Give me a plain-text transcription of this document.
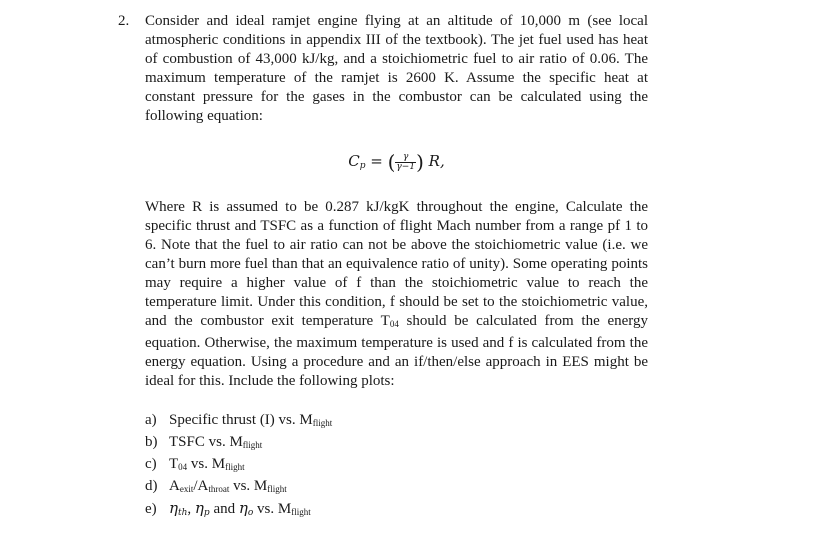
2. Consider and ideal ramjet engine flying at an altitude of 10,000 m (see local atmospheric conditions in appendix III of the textbook). The jet fuel used has heat of combustion of 43,000 kJ/kg, and a stoichiometric fuel to air ratio of 0.06. The maximum temperature of the ramjet is 2600 K. Assume the specific heat at constant pressure for the gases in the combustor can be calculated using the following equation:

Cp = ( $\frac{\gamma}{\gamma-1}$ ) R,

Where R is assumed to be 0.287 kJ/kgK throughout the engine, Calculate the specific thrust and TSFC as a function of flight Mach number from a range pf 1 to 6. Note that the fuel to air ratio can not be above the stoichiometric value (i.e. we can’t burn more fuel than that an equivalence ratio of unity). Some operating points may require a higher value of f than the stoichiometric value to reach the temperature limit. Under this condition, f should be set to the stoichiometric value, and the combustor exit temperature T04 should be calculated from the energy equation. Otherwise, the maximum temperature is used and f is calculated from the energy equation. Using a procedure and an if/then/else approach in EES might be ideal for this. Include the following plots:

a) Specific thrust (I) vs. Mflight
b) TSFC vs. Mflight
c) T04 vs. Mflight
d) Aexit/Athroat vs. Mflight
e) ηth, ηp and ηo vs. Mflight
